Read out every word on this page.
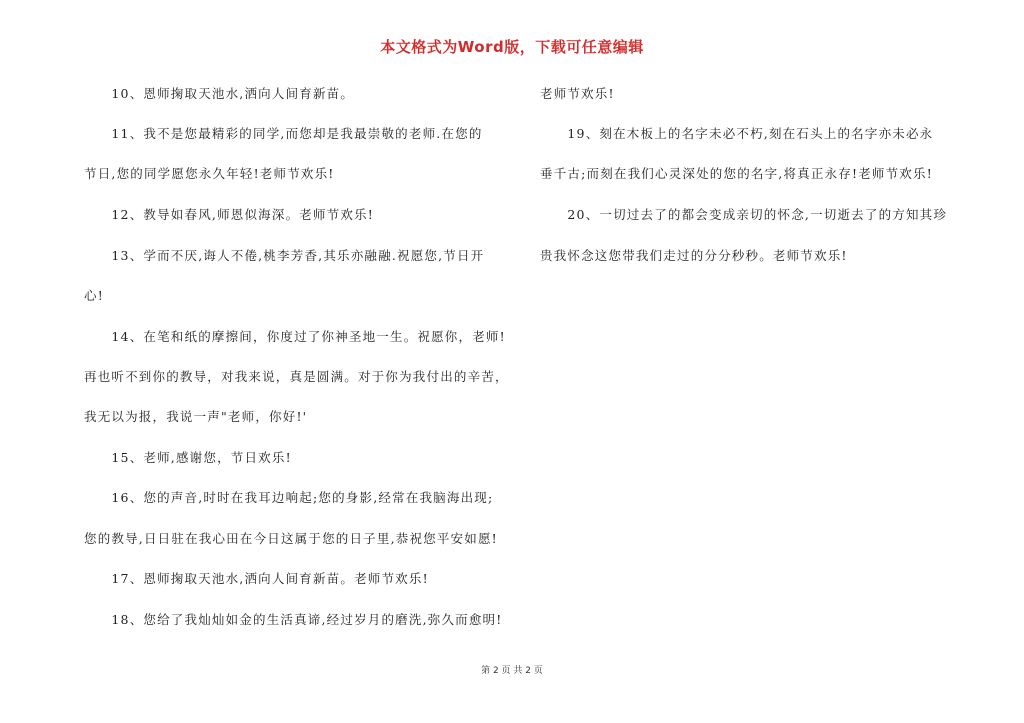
本文格式为Word版，下载可任意编辑
　　10、恩师掬取天池水,洒向人间育新苗。
　　11、我不是您最精彩的同学,而您却是我最崇敬的老师.在您的
节日,您的同学愿您永久年轻!老师节欢乐!
　　12、教导如春风,师恩似海深。老师节欢乐!
　　13、学而不厌,诲人不倦,桃李芳香,其乐亦融融.祝愿您,节日开
心!
　　14、在笔和纸的摩擦间，你度过了你神圣地一生。祝愿你，老师!
再也听不到你的教导，对我来说，真是圆满。对于你为我付出的辛苦，
我无以为报，我说一声"老师，你好!'
　　15、老师,感谢您，节日欢乐!
　　16、您的声音,时时在我耳边响起;您的身影,经常在我脑海出现;
您的教导,日日驻在我心田在今日这属于您的日子里,恭祝您平安如愿!
　　17、恩师掬取天池水,洒向人间育新苗。老师节欢乐!
　　18、您给了我灿灿如金的生活真谛,经过岁月的磨洗,弥久而愈明!
老师节欢乐!
　　19、刻在木板上的名字未必不朽,刻在石头上的名字亦未必永
垂千古;而刻在我们心灵深处的您的名字,将真正永存!老师节欢乐!
　　20、一切过去了的都会变成亲切的怀念,一切逝去了的方知其珍
贵我怀念这您带我们走过的分分秒秒。老师节欢乐!
第 2 页 共 2 页
